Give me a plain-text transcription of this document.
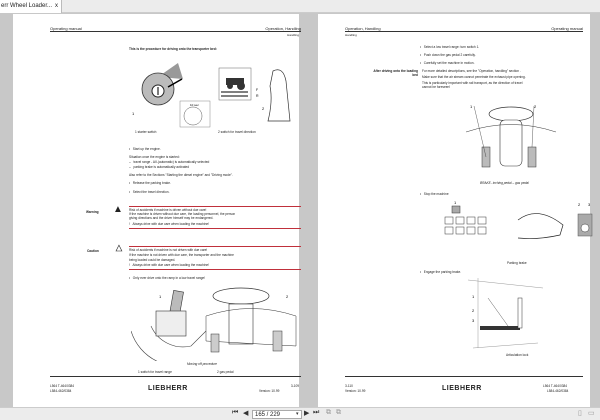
err Wheel Loader... x
Operating manual	Operation, Handling
Handling
This is the procedure for driving onto the transporter bed:
10 sec
1
F
R
2
1 starter switch	2 switch for travel direction
•   Start up the engine.
Situation once the engine is started:
–   travel range - AII-(automatic) is automatically selected
–   parking brake is automatically activated
Also refer to the Sections "Starting the diesel engine" and "Driving mode".
•   Release the parking brake.
•   Select the travel direction.
Warning ▲ Risk of accidents if machine is driven without due care!
If the machine is driven without due care, the loading personnel, the person
giving directions and the driver himself may be endangered.
!   Always drive with due care when loading the machine!
Caution ▲ Risk of accidents if machine is not driven with due care!
If the machine is not driven with due care, the transporter and the machine
being loaded could be damaged.
!   Always drive with due care when loading the machine!
•   Only ever drive onto the ramp in a low travel range!
1	2
Moving off procedure
1 switch for travel range	2 gas pedal
L564 T-464/0384
L584-462/0384	LIEBHERR	3-109
Version: 10.99
Operation, Handling	Operating manual
Handling
•   Select a low travel range: turn switch 1.
•   Push down the gas pedal 2 carefully.
•   Carefully set the machine in motion.
After driving onto the loading
bed
For more detailed descriptions, see the "Operation, handling" section .
Make sure that the air stream cannot penetrate the exhaust pipe opening.
This is particularly important with rail transport, as the direction of travel
cannot be foreseen!
1	2
BRAKE- inching pedal – gas pedal
•   Stop the machine
1	2 3
Parking brake
•   Engage the parking brake.
1
2
3
Articulation lock
3-110
Version: 10.99	LIEBHERR	L564 T-464/0384
L584-462/0384
⏮ ◀	165 / 229	▾ ▶ ⏭ ⧉ ⧉	▯ ▭
